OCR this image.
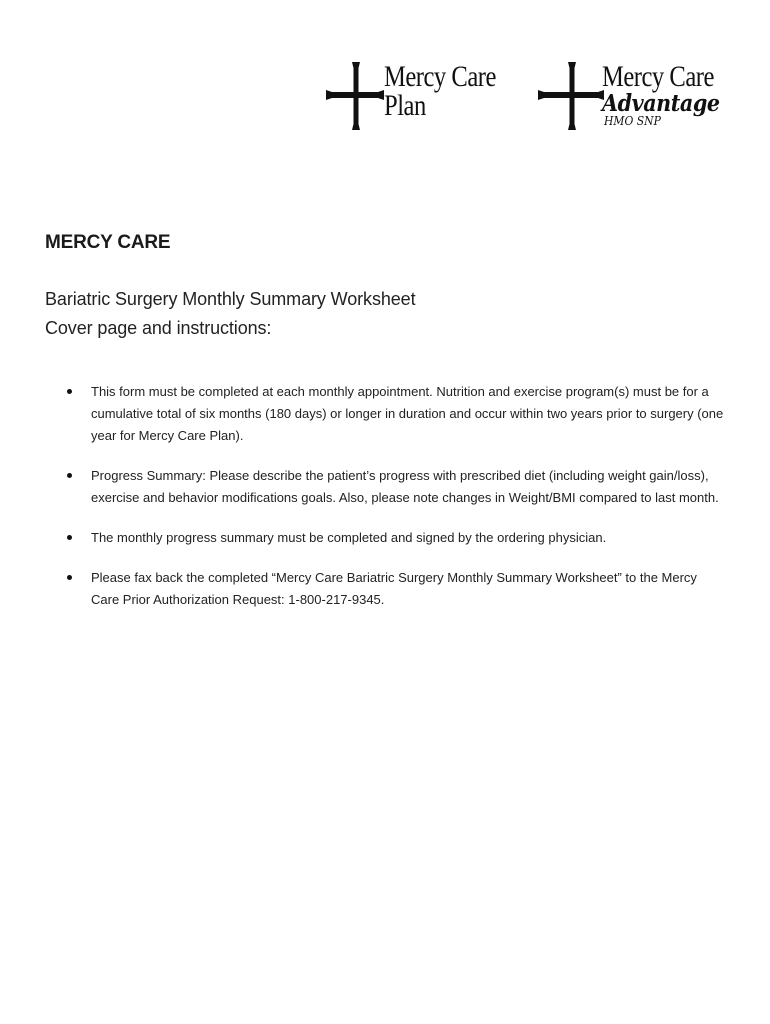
Mercy Care
Plan
Mercy Care
Advantage
HMO SNP
MERCY CARE
Bariatric Surgery Monthly Summary Worksheet
Cover page and instructions:
This form must be completed at each monthly appointment. Nutrition and exercise program(s) must be for a cumulative total of six months (180 days) or longer in duration and occur within two years prior to surgery (one year for Mercy Care Plan).
Progress Summary: Please describe the patient’s progress with prescribed diet (including weight gain/loss), exercise and behavior modifications goals. Also, please note changes in Weight/BMI compared to last month.
The monthly progress summary must be completed and signed by the ordering physician.
Please fax back the completed “Mercy Care Bariatric Surgery Monthly Summary Worksheet” to the Mercy Care Prior Authorization Request: 1-800-217-9345.
